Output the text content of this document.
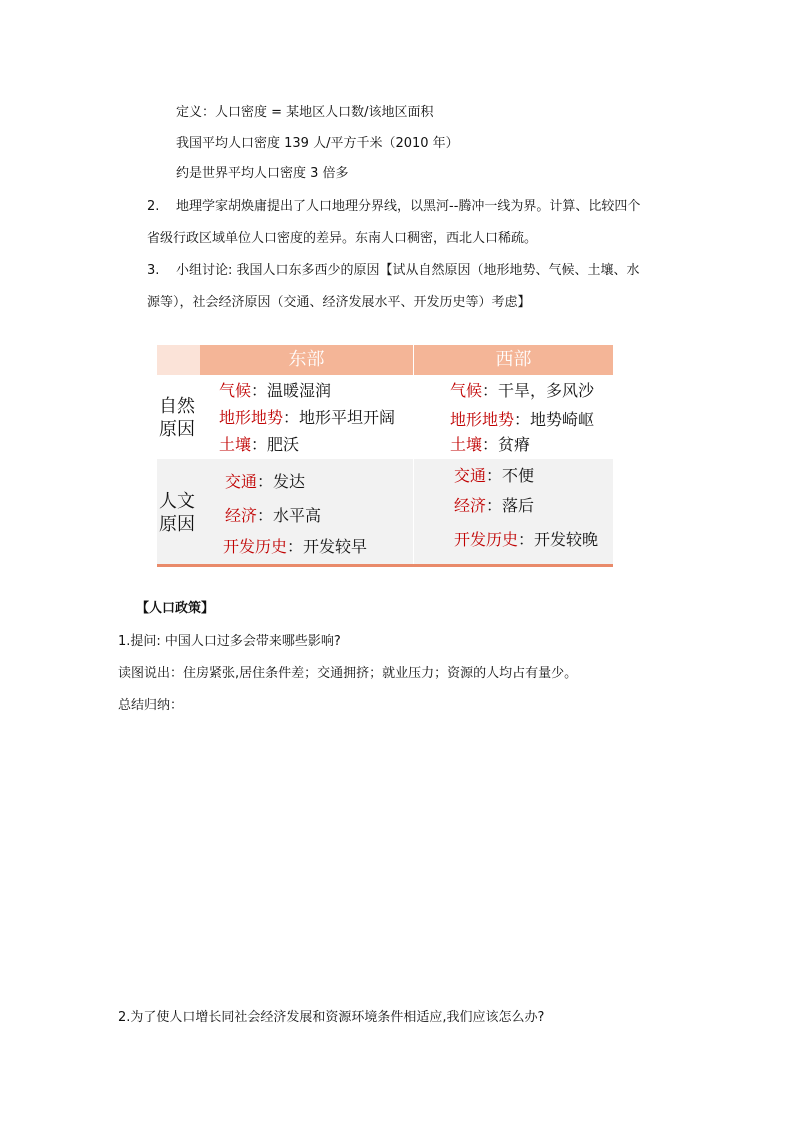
定义：人口密度 = 某地区人口数/该地区面积
我国平均人口密度 139 人/平方千米（2010 年）
约是世界平均人口密度 3 倍多
2. 地理学家胡焕庸提出了人口地理分界线，以黑河--腾冲一线为界。计算、比较四个
省级行政区域单位人口密度的差异。东南人口稠密，西北人口稀疏。
3. 小组讨论: 我国人口东多西少的原因【试从自然原因（地形地势、气候、土壤、水
源等），社会经济原因（交通、经济发展水平、开发历史等）考虑】
东部	西部
自然
原因
气候：温暖湿润
地形地势：地形平坦开阔
土壤：肥沃
气候：干旱，多风沙
地形地势：地势崎岖
土壤：贫瘠
人文
原因
交通：发达
经济：水平高
开发历史：开发较早
交通：不便
经济：落后
开发历史：开发较晚
【人口政策】
1.提问: 中国人口过多会带来哪些影响?
读图说出：住房紧张,居住条件差；交通拥挤；就业压力；资源的人均占有量少。
总结归纳：
2.为了使人口增长同社会经济发展和资源环境条件相适应,我们应该怎么办?
